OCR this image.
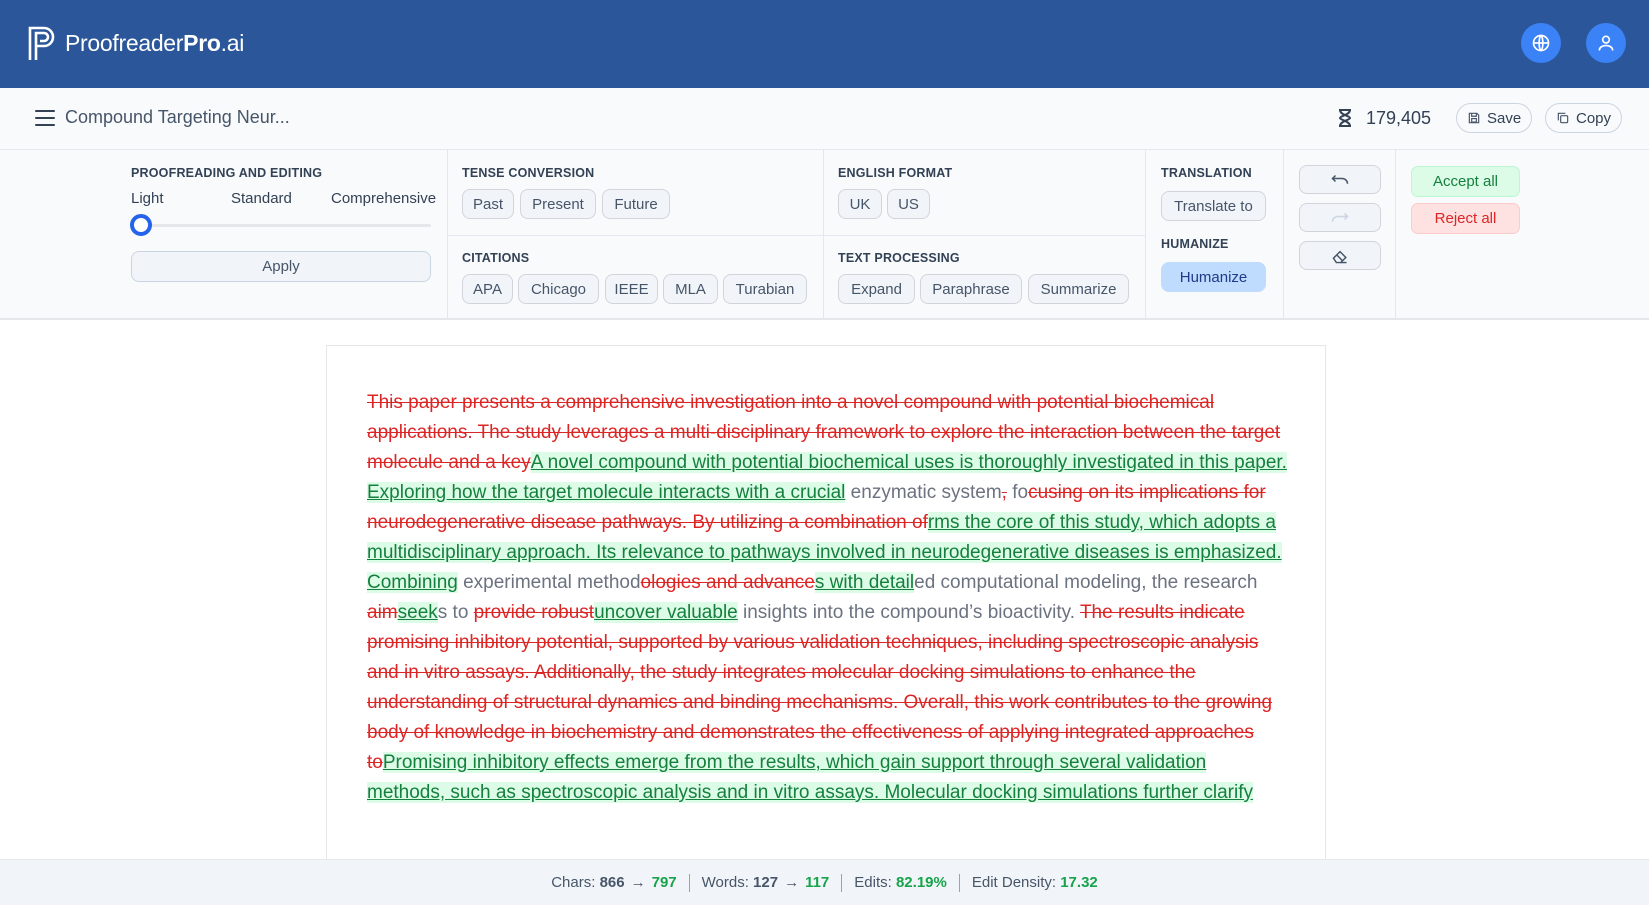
ProofreaderPro.ai
Compound Targeting Neur...	179,405	Save	Copy
PROOFREADING AND EDITING
Light	Standard	Comprehensive
Apply
TENSE CONVERSION
Past	Present	Future
CITATIONS
APA	Chicago	IEEE	MLA	Turabian
ENGLISH FORMAT
UK	US
TEXT PROCESSING
Expand	Paraphrase	Summarize
TRANSLATION
Translate to
HUMANIZE
Humanize
Accept all
Reject all
This paper presents a comprehensive investigation into a novel compound with potential biochemical applications. The study leverages a multi-disciplinary framework to explore the interaction between the target molecule and a keyA novel compound with potential biochemical uses is thoroughly investigated in this paper. Exploring how the target molecule interacts with a crucial enzymatic system, focusing on its implications for neurodegenerative disease pathways. By utilizing a combination ofrms the core of this study, which adopts a multidisciplinary approach. Its relevance to pathways involved in neurodegenerative diseases is emphasized. Combining experimental methodologies and advances with detailed computational modeling, the research aimseeks to provide robustuncover valuable insights into the compound’s bioactivity. The results indicate promising inhibitory potential, supported by various validation techniques, including spectroscopic analysis and in vitro assays. Additionally, the study integrates molecular docking simulations to enhance the understanding of structural dynamics and binding mechanisms. Overall, this work contributes to the growing body of knowledge in biochemistry and demonstrates the effectiveness of applying integrated approaches toPromising inhibitory effects emerge from the results, which gain support through several validation methods, such as spectroscopic analysis and in vitro assays. Molecular docking simulations further clarify
Chars:
866 → 797 Words:
127 → 117 Edits:
82.19% Edit Density:
17.32
